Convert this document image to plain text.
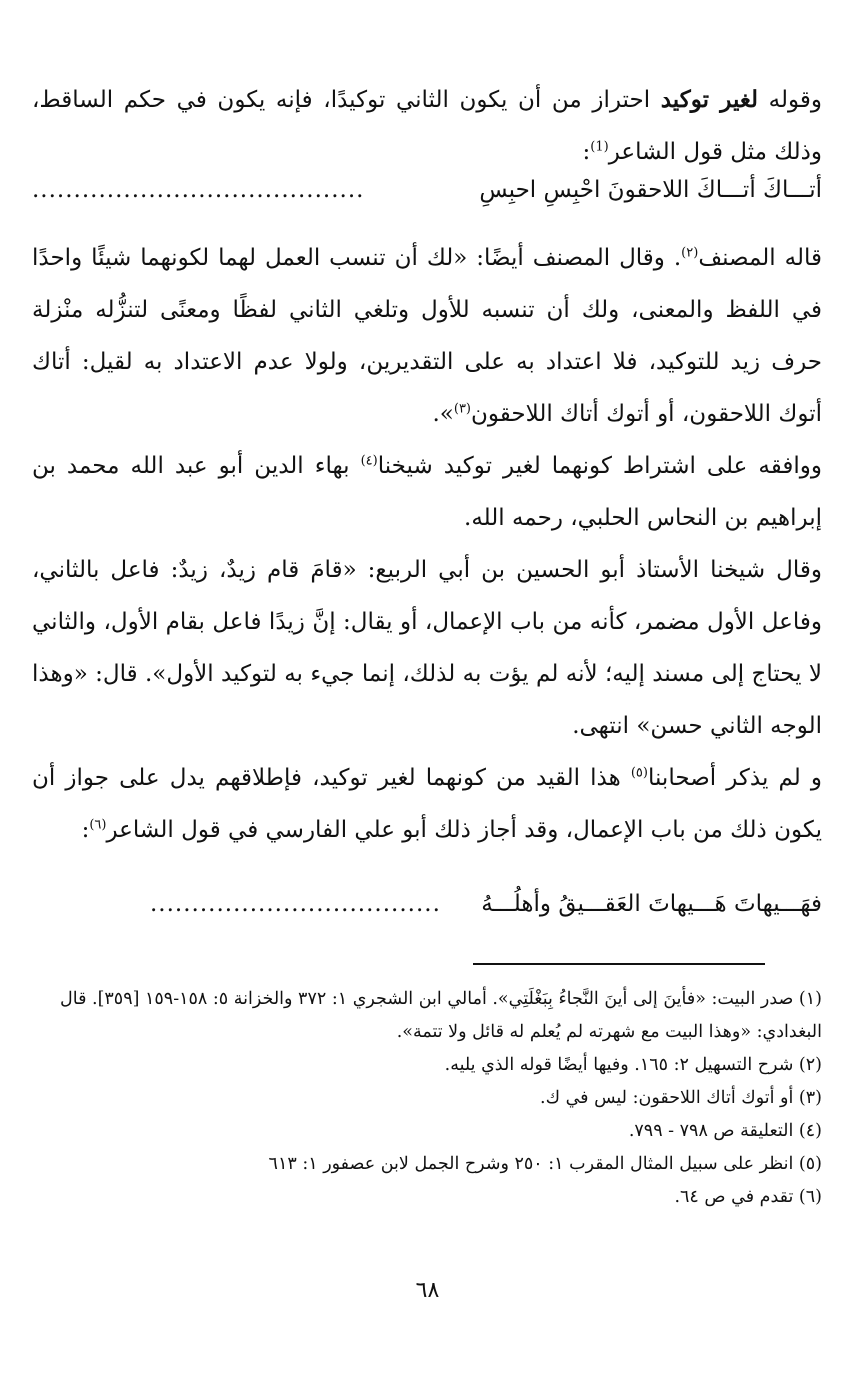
وقوله لغير توكيد احتراز من أن يكون الثاني توكيدًا، فإنه يكون في حكم الساقط، وذلك مثل قول الشاعر$^{(1)}$:

أتـــاكَ أتـــاكَ اللاحقونَ احْبِسِ احبِسِ
........................................

قاله المصنف$^{(٢)}$. وقال المصنف أيضًا: «لك أن تنسب العمل لهما لكونهما شيئًا واحدًا في اللفظ والمعنى، ولك أن تنسبه للأول وتلغي الثاني لفظًا ومعنًى لتنزُّله منْزلة حرف زيد للتوكيد، فلا اعتداد به على التقديرين، ولولا عدم الاعتداد به لقيل: أتاك أتوك اللاحقون، أو أتوك أتاك اللاحقون$^{(٣)}$».

ووافقه على اشتراط كونهما لغير توكيد شيخنا$^{(٤)}$ بهاء الدين أبو عبد الله محمد بن إبراهيم بن النحاس الحلبي، رحمه الله.

وقال شيخنا الأستاذ أبو الحسين بن أبي الربيع: «قامَ قام زيدٌ، زيدٌ: فاعل بالثاني، وفاعل الأول مضمر، كأنه من باب الإعمال، أو يقال: إنَّ زيدًا فاعل بقام الأول، والثاني لا يحتاج إلى مسند إليه؛ لأنه لم يؤت به لذلك، إنما جيء به لتوكيد الأول». قال: «وهذا الوجه الثاني حسن» انتهى.

و لم يذكر أصحابنا$^{(٥)}$ هذا القيد من كونهما لغير توكيد، فإطلاقهم يدل على جواز أن يكون ذلك من باب الإعمال، وقد أجاز ذلك أبو علي الفارسي في قول الشاعر$^{(٦)}$:

فهَـــيهاتَ هَـــيهاتَ العَقـــيقُ وأهلُـــهُ
...................................

(١) صدر البيت: «فأينَ إلى أينَ النَّجاءُ بِبَغْلَتِي». أمالي ابن الشجري ١: ٣٧٢ والخزانة ٥: ١٥٨-١٥٩ [٣٥٩]. قال البغدادي: «وهذا البيت مع شهرته لم يُعلم له قائل ولا تتمة».

(٢) شرح التسهيل ٢: ١٦٥. وفيها أيضًا قوله الذي يليه.

(٣) أو أتوك أتاك اللاحقون: ليس في ك.

(٤) التعليقة ص ٧٩٨ - ٧٩٩.

(٥) انظر على سبيل المثال المقرب ١: ٢٥٠ وشرح الجمل لابن عصفور ١: ٦١٣

(٦) تقدم في ص ٦٤.

٦٨
